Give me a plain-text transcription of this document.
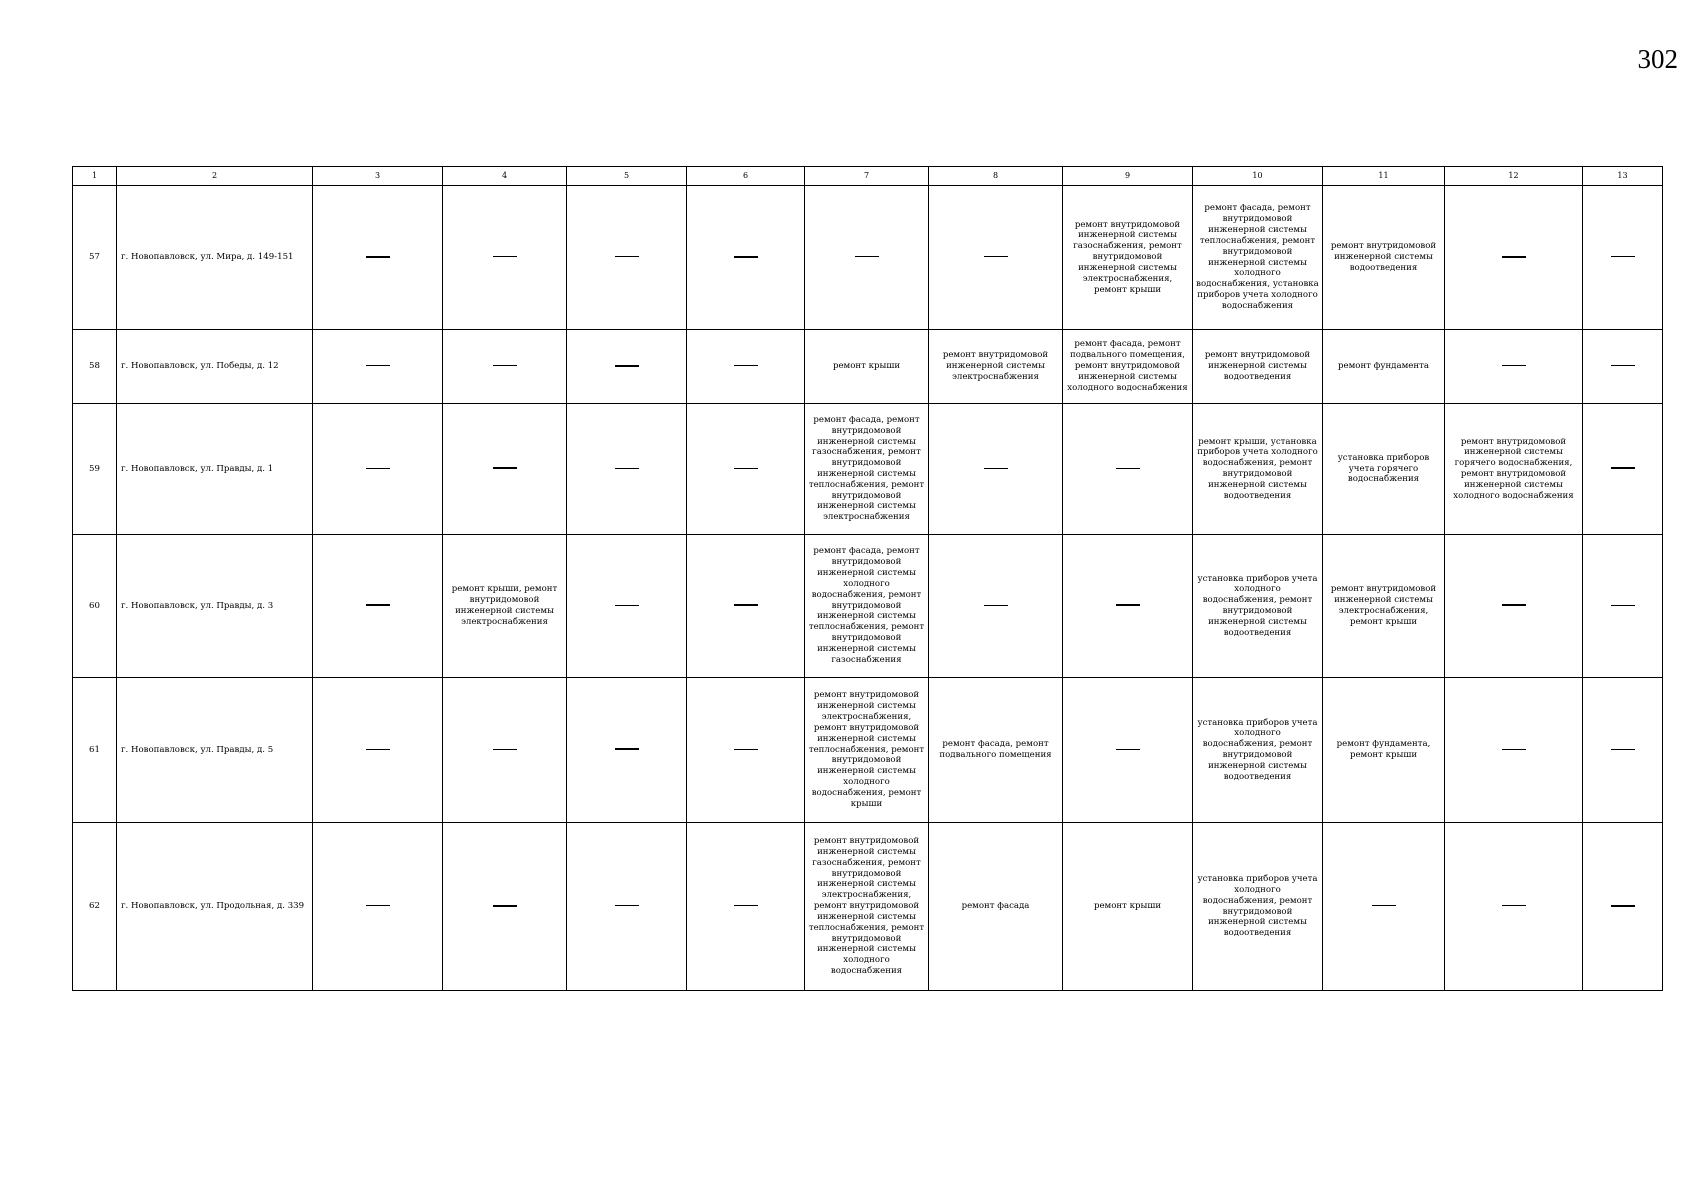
302
1	2	3	4	5	6	7	8	9	10	11	12	13
57	г. Новопавловск, ул. Мира, д. 149-151							ремонт внутридомовой инженерной системы газоснабжения, ремонт внутридомовой инженерной системы электроснабжения, ремонт крыши	ремонт фасада, ремонт внутридомовой инженерной системы теплоснабжения, ремонт внутридомовой инженерной системы холодного водоснабжения, установка приборов учета холодного водоснабжения	ремонт внутридомовой инженерной системы водоотведения		
58	г. Новопавловск, ул. Победы, д. 12					ремонт крыши	ремонт внутридомовой инженерной системы электроснабжения	ремонт фасада, ремонт подвального помещения, ремонт внутридомовой инженерной системы холодного водоснабжения	ремонт внутридомовой инженерной системы водоотведения	ремонт фундамента		
59	г. Новопавловск, ул. Правды, д. 1					ремонт фасада, ремонт внутридомовой инженерной системы газоснабжения, ремонт внутридомовой инженерной системы теплоснабжения, ремонт внутридомовой инженерной системы электроснабжения			ремонт крыши, установка приборов учета холодного водоснабжения, ремонт внутридомовой инженерной системы водоотведения	установка приборов учета горячего водоснабжения	ремонт внутридомовой инженерной системы горячего водоснабжения, ремонт внутридомовой инженерной системы холодного водоснабжения	
60	г. Новопавловск, ул. Правды, д. 3		ремонт крыши, ремонт внутридомовой инженерной системы электроснабжения			ремонт фасада, ремонт внутридомовой инженерной системы холодного водоснабжения, ремонт внутридомовой инженерной системы теплоснабжения, ремонт внутридомовой инженерной системы газоснабжения			установка приборов учета холодного водоснабжения, ремонт внутридомовой инженерной системы водоотведения	ремонт внутридомовой инженерной системы электроснабжения, ремонт крыши		
61	г. Новопавловск, ул. Правды, д. 5					ремонт внутридомовой инженерной системы электроснабжения, ремонт внутридомовой инженерной системы теплоснабжения, ремонт внутридомовой инженерной системы холодного водоснабжения, ремонт крыши	ремонт фасада, ремонт подвального помещения		установка приборов учета холодного водоснабжения, ремонт внутридомовой инженерной системы водоотведения	ремонт фундамента, ремонт крыши		
62	г. Новопавловск, ул. Продольная, д. 339					ремонт внутридомовой инженерной системы газоснабжения, ремонт внутридомовой инженерной системы электроснабжения, ремонт внутридомовой инженерной системы теплоснабжения, ремонт внутридомовой инженерной системы холодного водоснабжения	ремонт фасада	ремонт крыши	установка приборов учета холодного водоснабжения, ремонт внутридомовой инженерной системы водоотведения			
